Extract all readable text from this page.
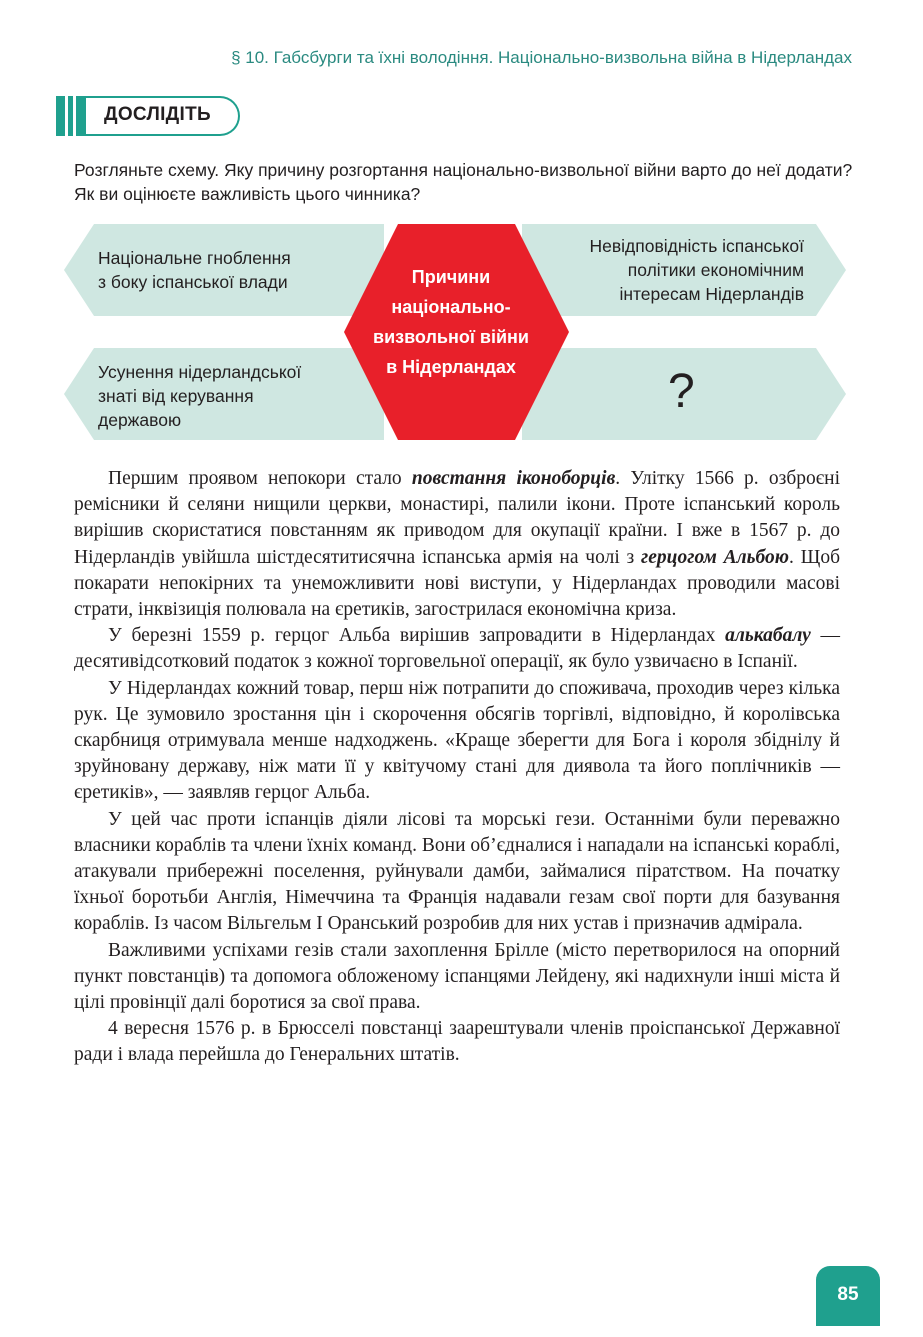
§ 10. Габсбурги та їхні володіння. Національно-визвольна війна в Нідерландах
ДОСЛІДІТЬ
Розгляньте схему. Яку причину розгортання національно-визвольної війни варто до неї додати? Як ви оцінюєте важливість цього чинника?
Національне гноблення
з боку іспанської влади
Невідповідність іспанської
політики економічним
інтересам Нідерландів
Усунення нідерландської
знаті від керування
державою
Причини
національно-
визвольної війни
в Нідерландах	?

Першим проявом непокори стало повстання іконоборців. Улітку 1566 р. озброєні ремісники й селяни нищили церкви, монастирі, палили ікони. Проте іспанський король вирішив скористатися повстанням як приводом для окупації країни. І вже в 1567 р. до Нідерландів увійшла шістдесятитисячна іспанська армія на чолі з герцогом Альбою. Щоб покарати непокірних та унеможливити нові виступи, у Нідерландах проводили масові страти, інквізиція полювала на єретиків, загострилася економічна криза.

У березні 1559 р. герцог Альба вирішив запровадити в Нідерландах алькабалу — десятивідсотковий податок з кожної торговельної операції, як було узвичаєно в Іспанії.

У Нідерландах кожний товар, перш ніж потрапити до споживача, проходив через кілька рук. Це зумовило зростання цін і скорочення обсягів торгівлі, відповідно, й королівська скарбниця отримувала менше надходжень. «Краще зберегти для Бога і короля збіднілу й зруйновану державу, ніж мати її у квітучому стані для диявола та його поплічників — єретиків», — заявляв герцог Альба.

У цей час проти іспанців діяли лісові та морські гези. Останніми були переважно власники кораблів та члени їхніх команд. Вони об’єдналися і нападали на іспанські кораблі, атакували прибережні поселення, руйнували дамби, займалися піратством. На початку їхньої боротьби Англія, Німеччина та Франція надавали гезам свої порти для базування кораблів. Із часом Вільгельм І Оранський розробив для них устав і призначив адмірала.

Важливими успіхами гезів стали захоплення Брілле (місто перетворилося на опорний пункт повстанців) та допомога обложеному іспанцями Лейдену, які надихнули інші міста й цілі провінції далі боротися за свої права.

4 вересня 1576 р. в Брюсселі повстанці заарештували членів проіспанської Державної ради і влада перейшла до Генеральних штатів.

85
